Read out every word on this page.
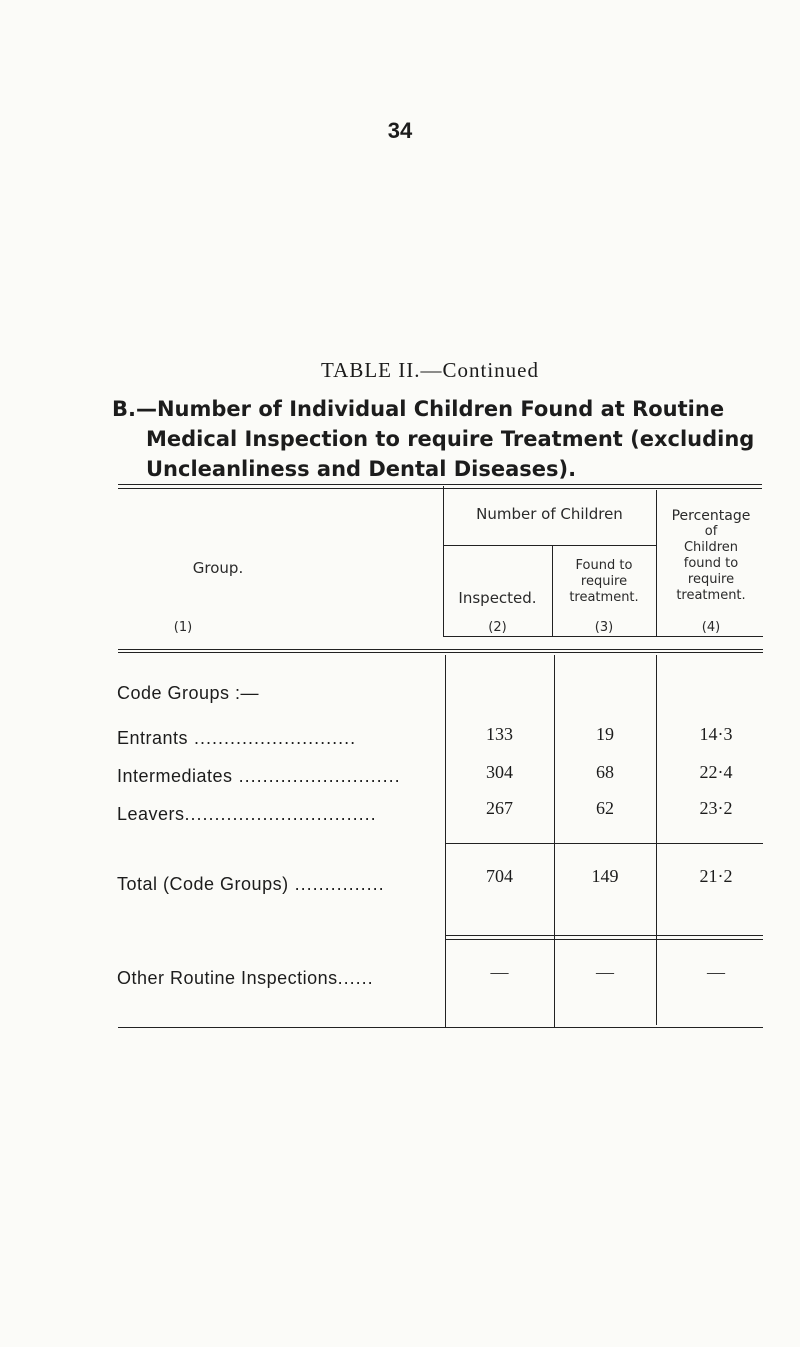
34
TABLE II.—Continued
B.—Number of Individual Children Found at Routine
Medical Inspection to require Treatment (excluding
Uncleanliness and Dental Diseases).
Group.
(1)
Number of Children
Inspected.
(2)
Found to
require
treatment.
(3)
Percentage
of
Children
found to
require
treatment.
(4)
Code Groups :—
Entrants ...........................	133	19	14·3
Intermediates ...........................	304	68	22·4
Leavers................................	267	62	23·2
Total (Code Groups) ...............	704	149	21·2
Other Routine Inspections......	—	—	—
